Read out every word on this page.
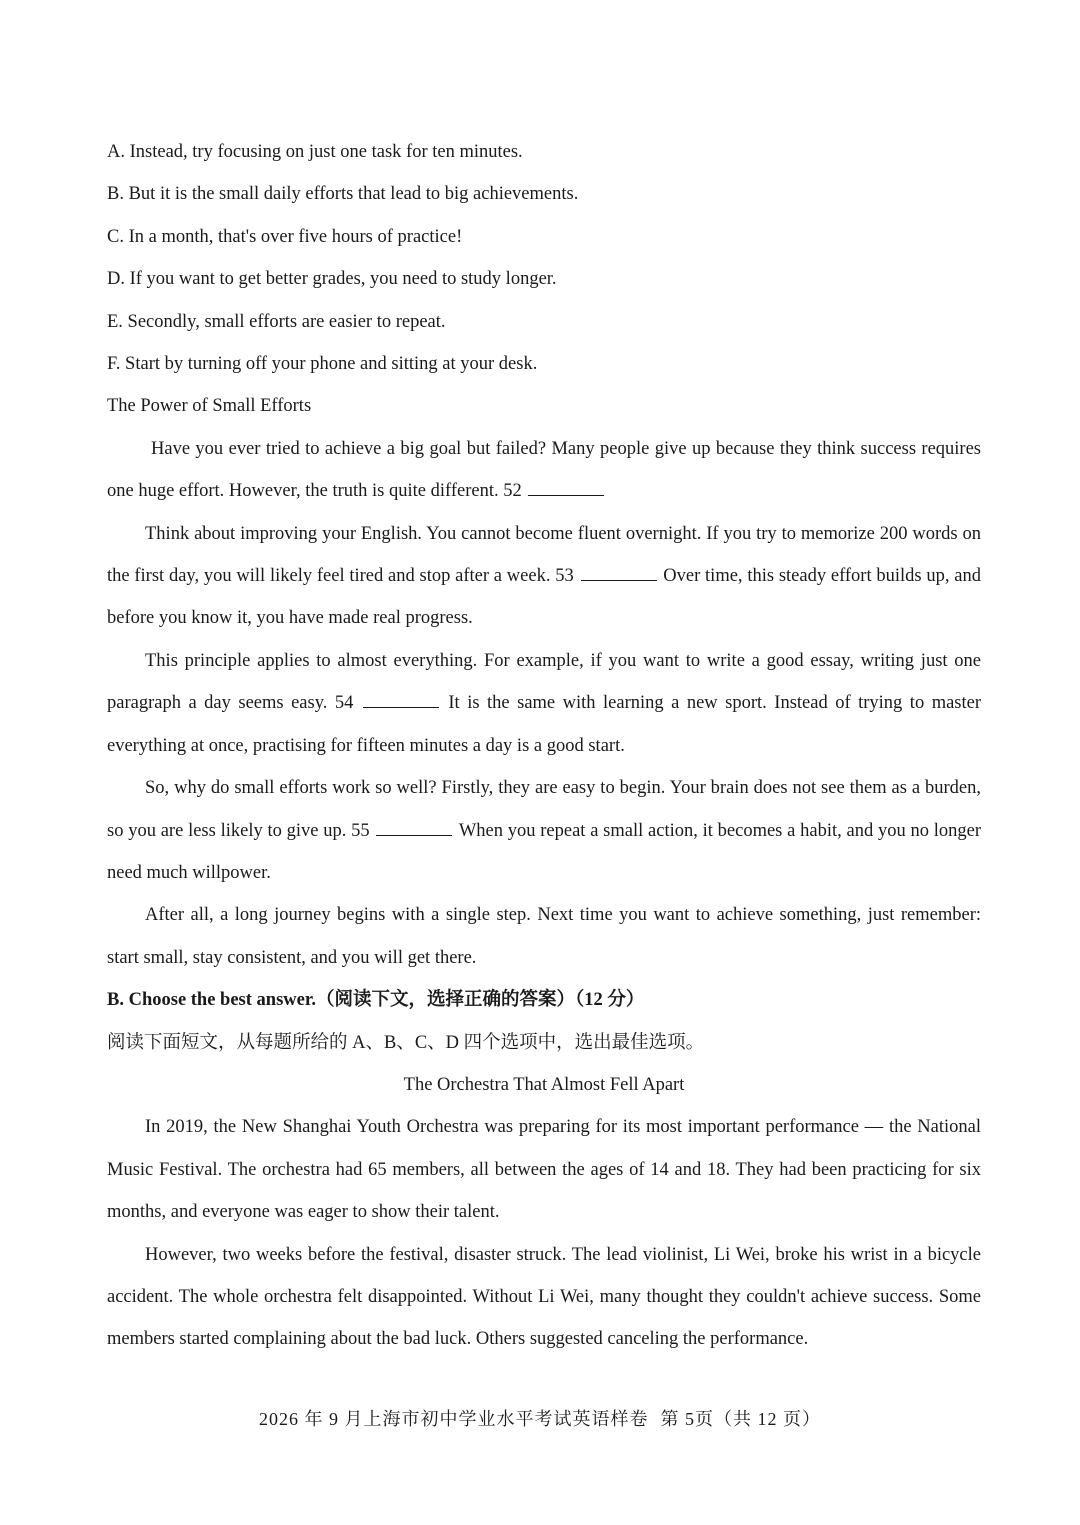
A. Instead, try focusing on just one task for ten minutes.

B. But it is the small daily efforts that lead to big achievements.

C. In a month, that's over five hours of practice!

D. If you want to get better grades, you need to study longer.

E. Secondly, small efforts are easier to repeat.

F. Start by turning off your phone and sitting at your desk.

The Power of Small Efforts

Have you ever tried to achieve a big goal but failed? Many people give up because they think success requires one huge effort. However, the truth is quite different. 52

Think about improving your English. You cannot become fluent overnight. If you try to memorize 200 words on the first day, you will likely feel tired and stop after a week. 53	Over time, this steady effort builds up, and before you know it, you have made real progress.

This principle applies to almost everything. For example, if you want to write a good essay, writing just one paragraph a day seems easy. 54	It is the same with learning a new sport. Instead of trying to master everything at once, practising for fifteen minutes a day is a good start.

So, why do small efforts work so well? Firstly, they are easy to begin. Your brain does not see them as a burden, so you are less likely to give up. 55	When you repeat a small action, it becomes a habit, and you no longer need much willpower.

After all, a long journey begins with a single step. Next time you want to achieve something, just remember: start small, stay consistent, and you will get there.

B. Choose the best answer.（阅读下文，选择正确的答案）（12 分）

阅读下面短文，从每题所给的 A、B、C、D 四个选项中，选出最佳选项。

The Orchestra That Almost Fell Apart

In 2019, the New Shanghai Youth Orchestra was preparing for its most important performance — the National Music Festival. The orchestra had 65 members, all between the ages of 14 and 18. They had been practicing for six months, and everyone was eager to show their talent.

However, two weeks before the festival, disaster struck. The lead violinist, Li Wei, broke his wrist in a bicycle accident. The whole orchestra felt disappointed. Without Li Wei, many thought they couldn't achieve success. Some members started complaining about the bad luck. Others suggested canceling the performance.

2026 年 9 月上海市初中学业水平考试英语样卷 第 5页（共 12 页）
